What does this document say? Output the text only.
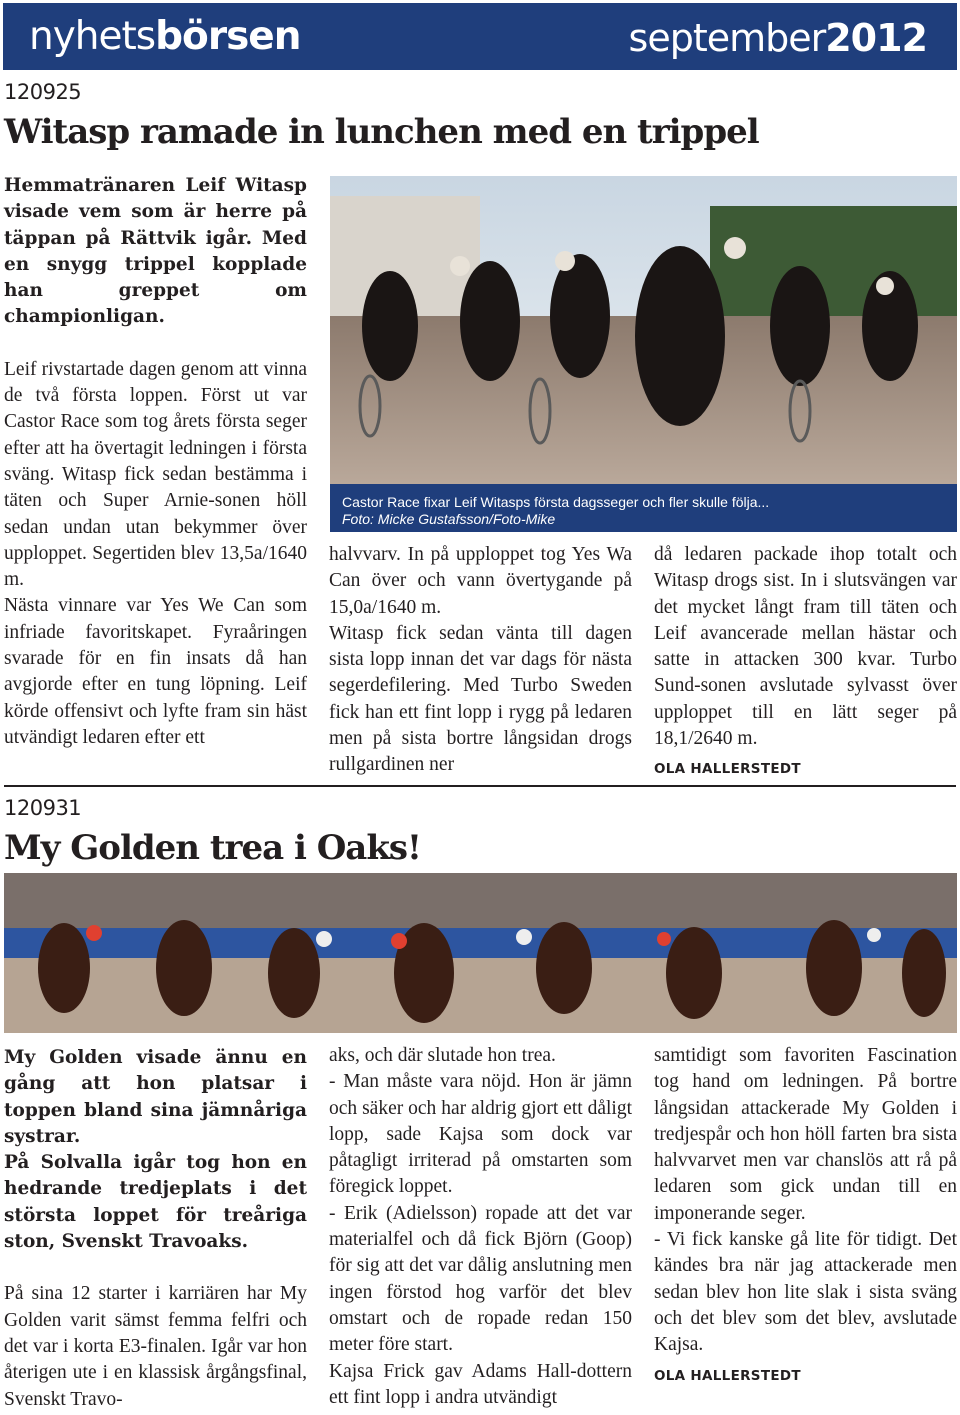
nyhetsbörsen	september2012
120925
Witasp ramade in lunchen med en trippel

Hemmatränaren Leif Witasp visade vem som är herre på täppan på Rättvik igår. Med en snygg trippel kopplade han greppet om championligan.

Leif rivstartade dagen genom att vinna de två första loppen. Först ut var Castor Race som tog årets första seger efter att ha övertagit ledningen i första sväng. Witasp fick sedan bestämma i täten och Super Arnie-sonen höll sedan undan utan bekymmer över upploppet. Segertiden blev 13,5a/1640 m.

Nästa vinnare var Yes We Can som infriade favoritskapet. Fyraåringen svarade för en fin insats då han avgjorde efter en tung löpning. Leif körde offensivt och lyfte fram sin häst utvändigt ledaren efter ett

Castor Race fixar Leif Witasps första dagsseger och fler skulle följa...
Foto: Micke Gustafsson/Foto-Mike

halvvarv. In på upploppet tog Yes Wa Can över och vann övertygande på 15,0a/1640 m.

Witasp fick sedan vänta till dagen sista lopp innan det var dags för nästa segerdefilering. Med Turbo Sweden fick han ett fint lopp i rygg på ledaren men på sista bortre långsidan drogs rullgardinen ner

då ledaren packade ihop totalt och Witasp drogs sist. In i slutsvängen var det mycket långt fram till täten och Leif avancerade mellan hästar och satte in attacken 300 kvar. Turbo Sund-sonen avslutade sylvasst över upploppet till en lätt seger på 18,1/2640 m.

OLA HALLERSTEDT
120931
My Golden trea i Oaks!

My Golden visade ännu en gång att hon platsar i toppen bland sina jämnåriga systrar.

På Solvalla igår tog hon en hedrande tredjeplats i det största loppet för treåriga ston, Svenskt Travoaks.

På sina 12 starter i karriären har My Golden varit sämst femma felfri och det var i korta E3-finalen. Igår var hon återigen ute i en klassisk årgångsfinal, Svenskt Travo-

aks, och där slutade hon trea.

- Man måste vara nöjd. Hon är jämn och säker och har aldrig gjort ett dåligt lopp, sade Kajsa som dock var påtagligt irriterad på omstarten som föregick loppet.

- Erik (Adielsson) ropade att det var materialfel och då fick Björn (Goop) för sig att det var dålig anslutning men ingen förstod hog varför det blev omstart och de ropade redan 150 meter före start.

Kajsa Frick gav Adams Hall-dottern ett fint lopp i andra utvändigt

samtidigt som favoriten Fascination tog hand om ledningen. På bortre långsidan attackerade My Golden i tredjespår och hon höll farten bra sista halvvarvet men var chanslös att rå på ledaren som gick undan till en imponerande seger.

- Vi fick kanske gå lite för tidigt. Det kändes bra när jag attackerade men sedan blev hon lite slak i sista sväng och det blev som det blev, avslutade Kajsa.

OLA HALLERSTEDT
